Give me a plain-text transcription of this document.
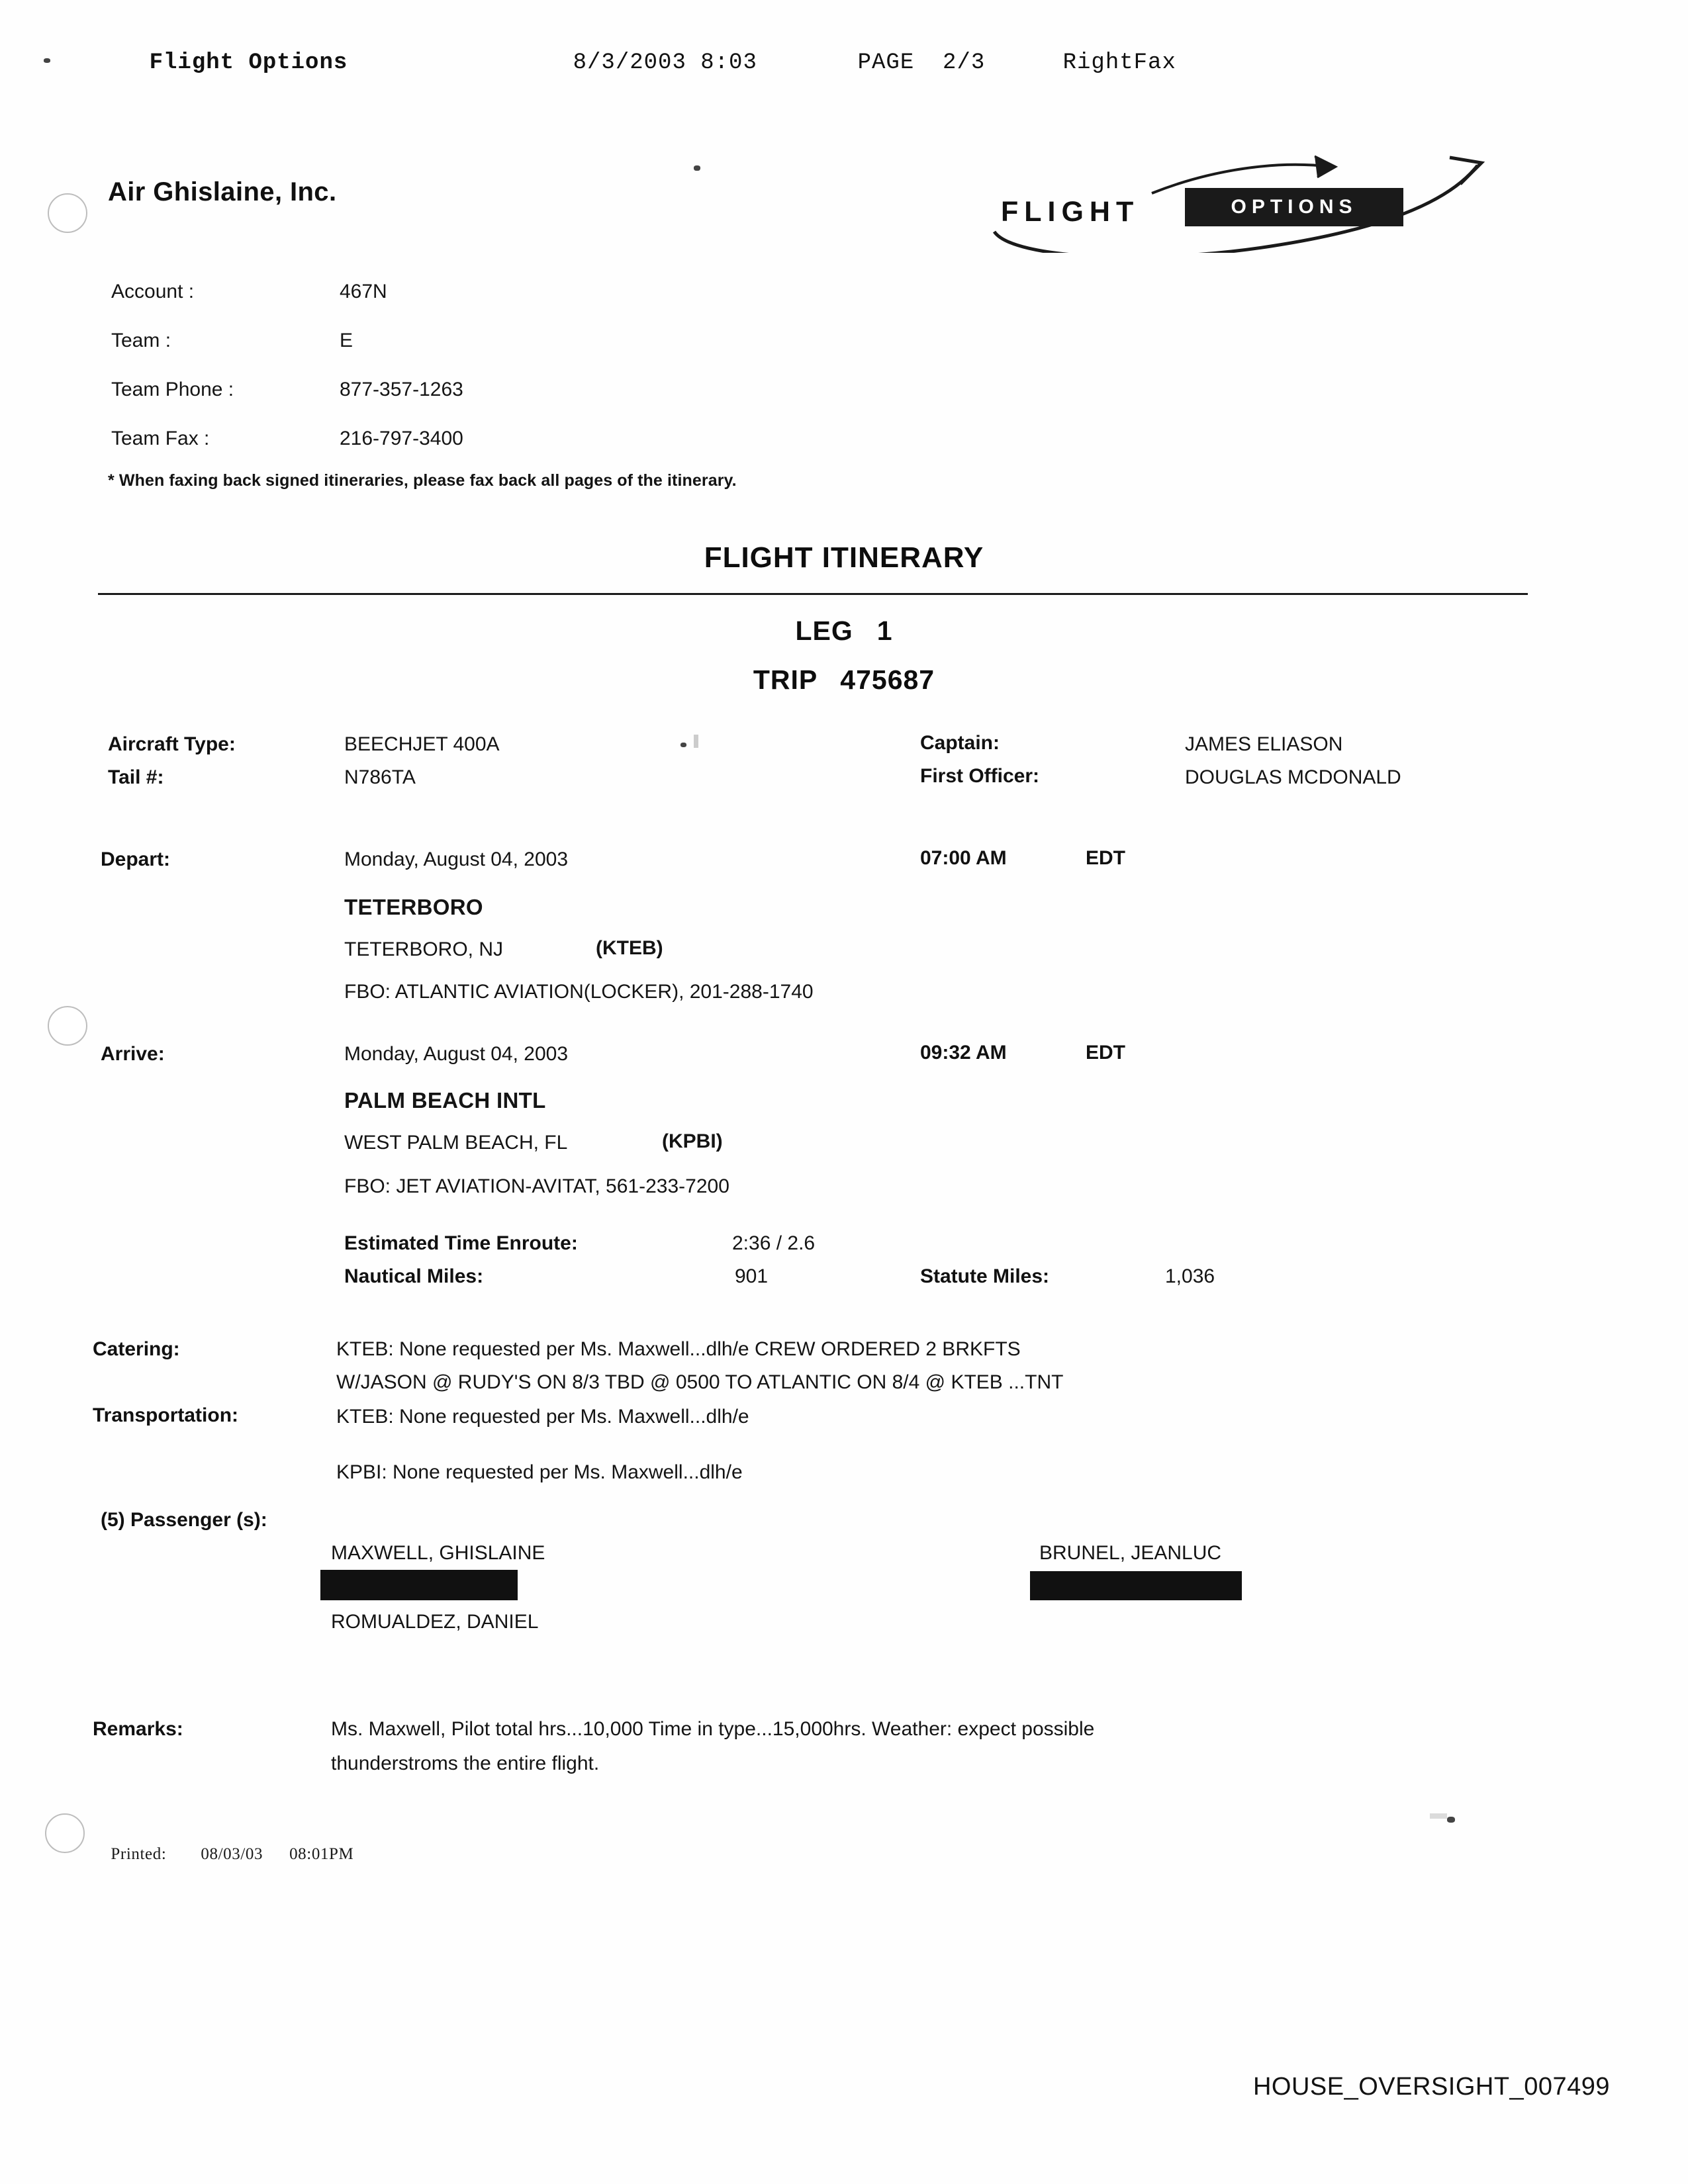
Flight Options	8/3/2003 8:03	PAGE  2/3	RightFax

Air Ghislaine, Inc.
Account :	467N
Team :	E
Team Phone :	877-357-1263
Team Fax :	216-797-3400
* When faxing back signed itineraries, please fax back all pages of the itinerary.
FLIGHT	OPTIONS
FLIGHT ITINERARY
LEG 1
TRIP 475687
Aircraft Type:	BEECHJET 400A
Tail #:	N786TA
Captain:	JAMES ELIASON
First Officer:	DOUGLAS MCDONALD
Depart:	Monday, August 04, 2003	07:00 AM	EDT
TETERBORO
TETERBORO, NJ	(KTEB)
FBO: ATLANTIC AVIATION(LOCKER), 201-288-1740
Arrive:	Monday, August 04, 2003	09:32 AM	EDT
PALM BEACH INTL
WEST PALM BEACH, FL	(KPBI)
FBO: JET AVIATION-AVITAT, 561-233-7200
Estimated Time Enroute:	2:36 / 2.6
Nautical Miles:	901	Statute Miles:	1,036
Catering:	KTEB: None requested per Ms. Maxwell...dlh/e CREW ORDERED 2 BRKFTS
W/JASON @ RUDY'S ON 8/3 TBD @ 0500 TO ATLANTIC ON 8/4 @ KTEB ...TNT
Transportation:	KTEB: None requested per Ms. Maxwell...dlh/e
KPBI: None requested per Ms. Maxwell...dlh/e
(5) Passenger (s):
MAXWELL, GHISLAINE	BRUNEL, JEANLUC
ROMUALDEZ, DANIEL
Remarks:	Ms. Maxwell, Pilot total hrs...10,000 Time in type...15,000hrs. Weather: expect possible
thunderstroms the entire flight.

Printed: 08/03/03 08:01PM

HOUSE_OVERSIGHT_007499
